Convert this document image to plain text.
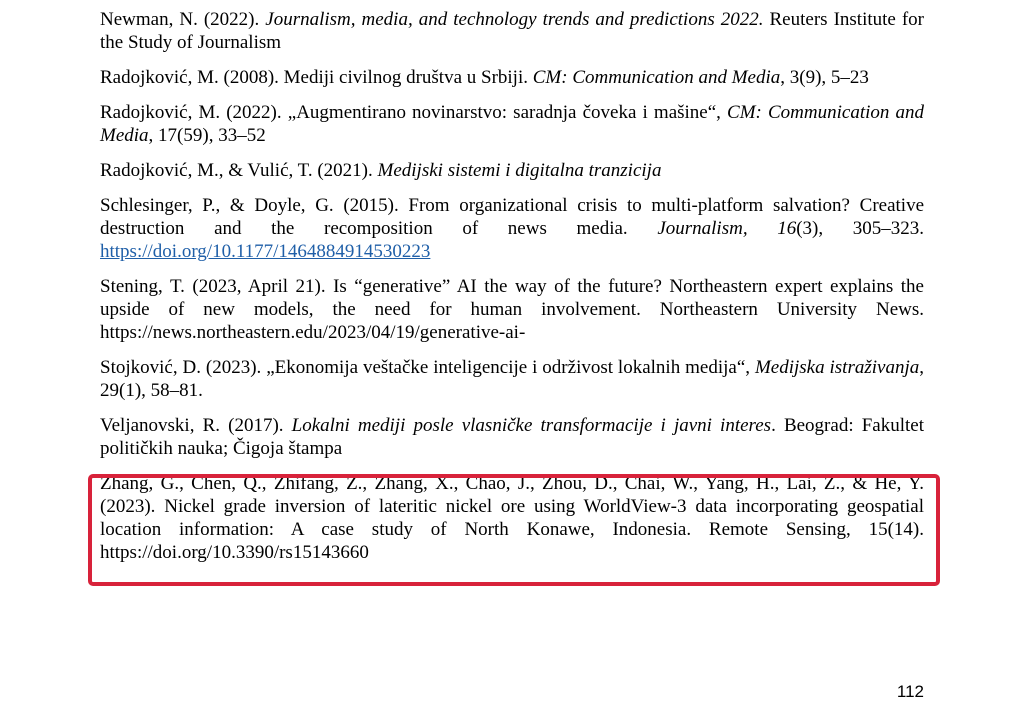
Newman, N. (2022). Journalism, media, and technology trends and predictions 2022. Reuters Institute for the Study of Journalism

Radojković, M. (2008). Mediji civilnog društva u Srbiji. CM: Communication and Media, 3(9), 5–23

Radojković, M. (2022). „Augmentirano novinarstvo: saradnja čoveka i mašine“, CM: Communication and Media, 17(59), 33–52

Radojković, M., & Vulić, T. (2021). Medijski sistemi i digitalna tranzicija

Schlesinger, P., & Doyle, G. (2015). From organizational crisis to multi-platform salvation? Creative destruction and the recomposition of news media. Journalism, 16(3), 305–323. https://doi.org/10.1177/1464884914530223

Stening, T. (2023, April 21). Is “generative” AI the way of the future? Northeastern expert explains the upside of new models, the need for human involvement. Northeastern University News. https://news.northeastern.edu/2023/04/19/generative-ai-

Stojković, D. (2023). „Ekonomija veštačke inteligencije i održivost lokalnih medija“, Medijska istraživanja, 29(1), 58–81.

Veljanovski, R. (2017). Lokalni mediji posle vlasničke transformacije i javni interes. Beograd: Fakultet političkih nauka; Čigoja štampa

Zhang, G., Chen, Q., Zhifang, Z., Zhang, X., Chao, J., Zhou, D., Chai, W., Yang, H., Lai, Z., & He, Y. (2023). Nickel grade inversion of lateritic nickel ore using WorldView-3 data incorporating geospatial location information: A case study of North Konawe, Indonesia. Remote Sensing, 15(14). https://doi.org/10.3390/rs15143660

112
